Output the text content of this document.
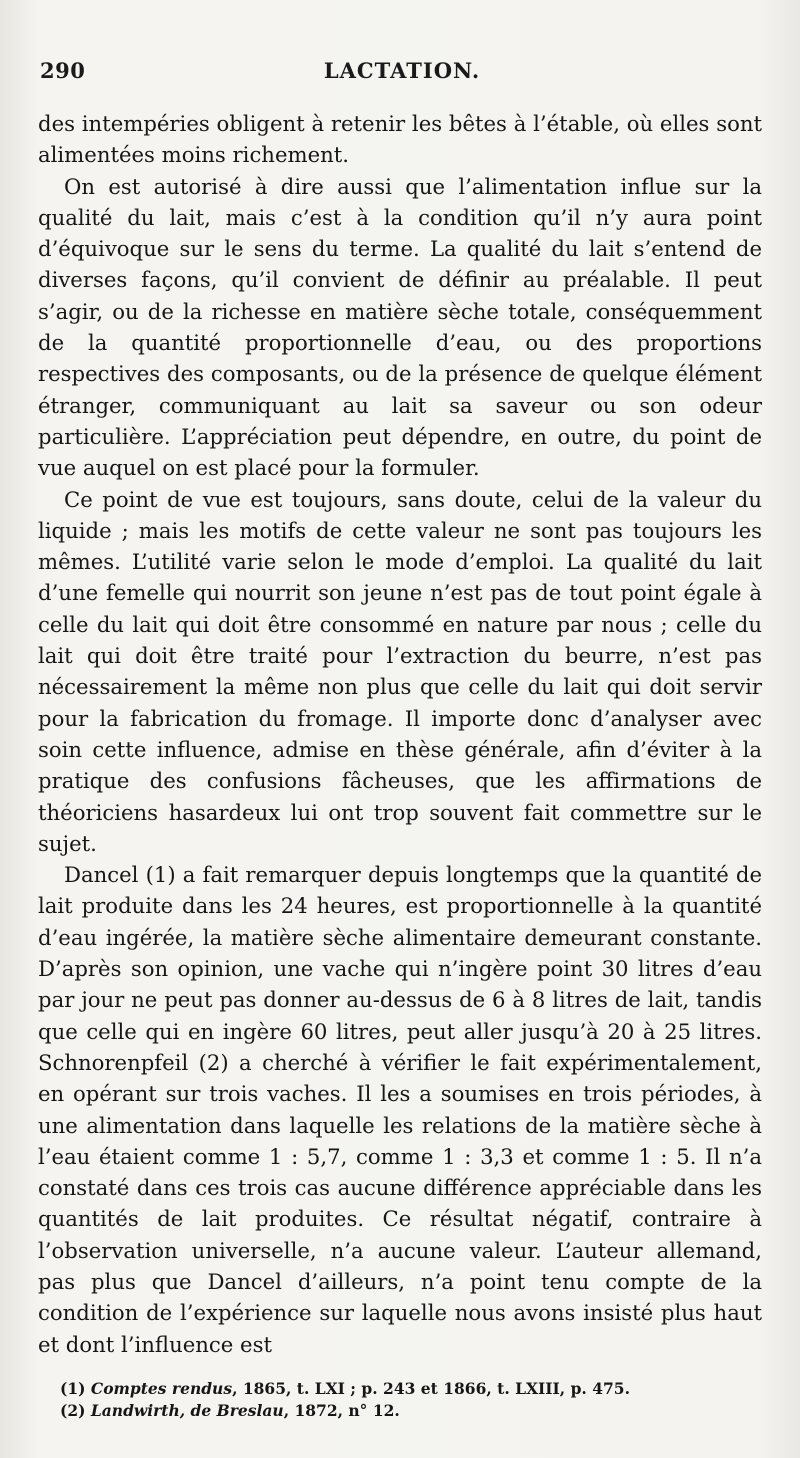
290	LACTATION.

des intempéries obligent à retenir les bêtes à l’étable, où elles sont alimentées moins richement.

On est autorisé à dire aussi que l’alimentation influe sur la qualité du lait, mais c’est à la condition qu’il n’y aura point d’équivoque sur le sens du terme. La qualité du lait s’entend de diverses façons, qu’il convient de définir au préalable. Il peut s’agir, ou de la richesse en matière sèche totale, conséquemment de la quantité proportionnelle d’eau, ou des proportions respectives des composants, ou de la présence de quelque élément étranger, communiquant au lait sa saveur ou son odeur particulière. L’appréciation peut dépendre, en outre, du point de vue auquel on est placé pour la formuler.

Ce point de vue est toujours, sans doute, celui de la valeur du liquide ; mais les motifs de cette valeur ne sont pas toujours les mêmes. L’utilité varie selon le mode d’emploi. La qualité du lait d’une femelle qui nourrit son jeune n’est pas de tout point égale à celle du lait qui doit être consommé en nature par nous ; celle du lait qui doit être traité pour l’extraction du beurre, n’est pas nécessairement la même non plus que celle du lait qui doit servir pour la fabrication du fromage. Il importe donc d’analyser avec soin cette influence, admise en thèse générale, afin d’éviter à la pratique des confusions fâcheuses, que les affirmations de théoriciens hasardeux lui ont trop souvent fait commettre sur le sujet.

Dancel (1) a fait remarquer depuis longtemps que la quantité de lait produite dans les 24 heures, est proportionnelle à la quantité d’eau ingérée, la matière sèche alimentaire demeurant constante. D’après son opinion, une vache qui n’ingère point 30 litres d’eau par jour ne peut pas donner au-dessus de 6 à 8 litres de lait, tandis que celle qui en ingère 60 litres, peut aller jusqu’à 20 à 25 litres. Schnorenpfeil (2) a cherché à vérifier le fait expérimentalement, en opérant sur trois vaches. Il les a soumises en trois périodes, à une alimentation dans laquelle les relations de la matière sèche à l’eau étaient comme 1 : 5,7, comme 1 : 3,3 et comme 1 : 5. Il n’a constaté dans ces trois cas aucune différence appréciable dans les quantités de lait produites. Ce résultat négatif, contraire à l’observation universelle, n’a aucune valeur. L’auteur allemand, pas plus que Dancel d’ailleurs, n’a point tenu compte de la condition de l’expérience sur laquelle nous avons insisté plus haut et dont l’influence est

(1) Comptes rendus, 1865, t. LXI ; p. 243 et 1866, t. LXIII, p. 475.
(2) Landwirth, de Breslau, 1872, n° 12.
